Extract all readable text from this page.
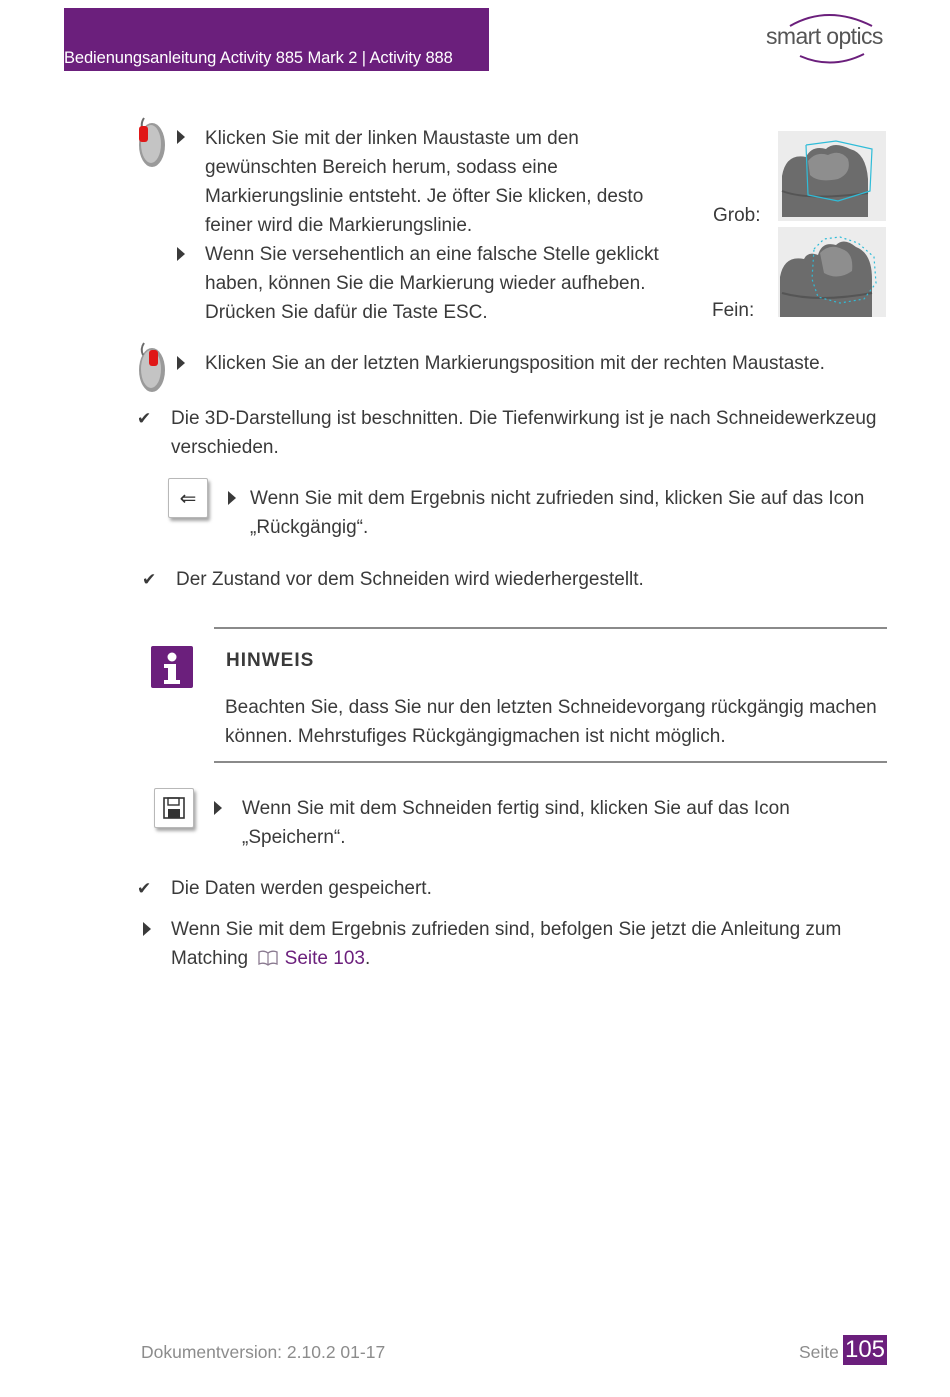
Bedienungsanleitung Activity 885 Mark 2 | Activity 888
smart optics
Klicken Sie mit der linken Maustaste um den
gewünschten Bereich herum, sodass eine
Markierungslinie entsteht. Je öfter Sie klicken, desto
feiner wird die Markierungslinie.
Wenn Sie versehentlich an eine falsche Stelle geklickt
haben, können Sie die Markierung wieder aufheben.
Drücken Sie dafür die Taste ESC.
Grob:
Fein:
Klicken Sie an der letzten Markierungsposition mit der rechten Maustaste.
✔ Die 3D-Darstellung ist beschnitten. Die Tiefenwirkung ist je nach Schneidewerkzeug
verschieden.
⇐	Wenn Sie mit dem Ergebnis nicht zufrieden sind, klicken Sie auf das Icon
„Rückgängig“.
✔ Der Zustand vor dem Schneiden wird wiederhergestellt.
HINWEIS
Beachten Sie, dass Sie nur den letzten Schneidevorgang rückgängig machen
können. Mehrstufiges Rückgängigmachen ist nicht möglich.
Wenn Sie mit dem Schneiden fertig sind, klicken Sie auf das Icon
„Speichern“.
✔ Die Daten werden gespeichert.
Wenn Sie mit dem Ergebnis zufrieden sind, befolgen Sie jetzt die Anleitung zum
Matching Seite 103.
Dokumentversion: 2.10.2 01-17	Seite 105
